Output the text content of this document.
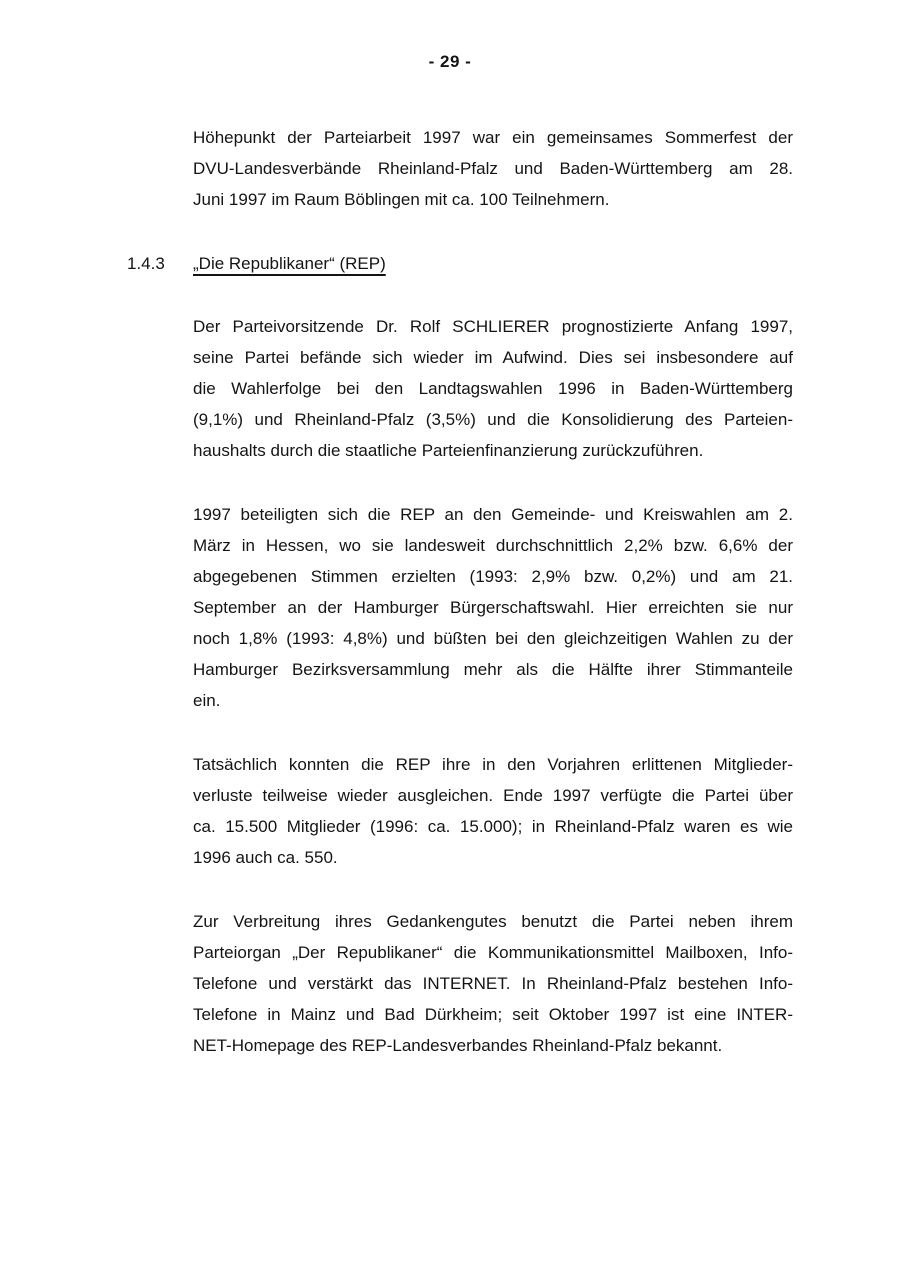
- 29 -

Höhepunkt der Parteiarbeit 1997 war ein gemeinsames Sommerfest der
DVU-Landesverbände Rheinland-Pfalz und Baden-Württemberg am 28.
Juni 1997 im Raum Böblingen mit ca. 100 Teilnehmern.

1.4.3 „Die Republikaner“ (REP)

Der Parteivorsitzende Dr. Rolf SCHLIERER prognostizierte Anfang 1997,
seine Partei befände sich wieder im Aufwind. Dies sei insbesondere auf
die Wahlerfolge bei den Landtagswahlen 1996 in Baden-Württemberg
(9,1%) und Rheinland-Pfalz (3,5%) und die Konsolidierung des Parteien-
haushalts durch die staatliche Parteienfinanzierung zurückzuführen.

1997 beteiligten sich die REP an den Gemeinde- und Kreiswahlen am 2.
März in Hessen, wo sie landesweit durchschnittlich 2,2% bzw. 6,6% der
abgegebenen Stimmen erzielten (1993: 2,9% bzw. 0,2%) und am 21.
September an der Hamburger Bürgerschaftswahl. Hier erreichten sie nur
noch 1,8% (1993: 4,8%) und büßten bei den gleichzeitigen Wahlen zu der
Hamburger Bezirksversammlung mehr als die Hälfte ihrer Stimmanteile
ein.

Tatsächlich konnten die REP ihre in den Vorjahren erlittenen Mitglieder-
verluste teilweise wieder ausgleichen. Ende 1997 verfügte die Partei über
ca. 15.500 Mitglieder (1996: ca. 15.000); in Rheinland-Pfalz waren es wie
1996 auch ca. 550.

Zur Verbreitung ihres Gedankengutes benutzt die Partei neben ihrem
Parteiorgan „Der Republikaner“ die Kommunikationsmittel Mailboxen, Info-
Telefone und verstärkt das INTERNET. In Rheinland-Pfalz bestehen Info-
Telefone in Mainz und Bad Dürkheim; seit Oktober 1997 ist eine INTER-
NET-Homepage des REP-Landesverbandes Rheinland-Pfalz bekannt.
